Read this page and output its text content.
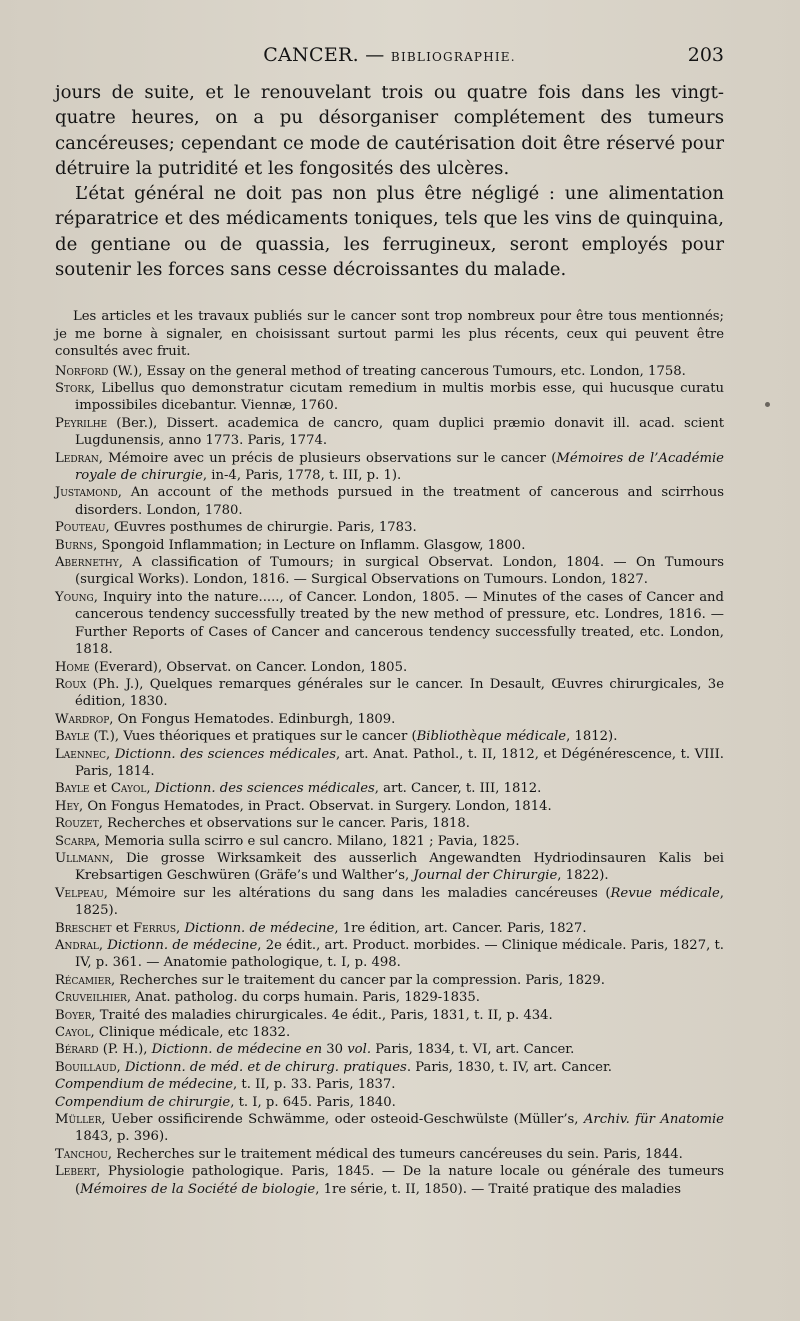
CANCER. — BIBLIOGRAPHIE.	203

jours de suite, et le renouvelant trois ou quatre fois dans les vingt-quatre heures, on a pu désorganiser complétement des tumeurs cancéreuses; cependant ce mode de cautérisation doit être réservé pour détruire la putridité et les fongosités des ulcères.

L’état général ne doit pas non plus être négligé : une alimentation réparatrice et des médicaments toniques, tels que les vins de quinquina, de gentiane ou de quassia, les ferrugineux, seront employés pour soutenir les forces sans cesse décroissantes du malade.

Les articles et les travaux publiés sur le cancer sont trop nombreux pour être tous mentionnés; je me borne à signaler, en choisissant surtout parmi les plus récents, ceux qui peuvent être consultés avec fruit.

Norford (W.), Essay on the general method of treating cancerous Tumours, etc. London, 1758.

Stork, Libellus quo demonstratur cicutam remedium in multis morbis esse, qui hucusque curatu impossibiles dicebantur. Viennæ, 1760.

Peyrilhe (Ber.), Dissert. academica de cancro, quam duplici præmio donavit ill. acad. scient Lugdunensis, anno 1773. Paris, 1774.

Ledran, Mémoire avec un précis de plusieurs observations sur le cancer (Mémoires de l’Académie royale de chirurgie, in-4, Paris, 1778, t. III, p. 1).

Justamond, An account of the methods pursued in the treatment of cancerous and scirrhous disorders. London, 1780.

Pouteau, Œuvres posthumes de chirurgie. Paris, 1783.

Burns, Spongoid Inflammation; in Lecture on Inflamm. Glasgow, 1800.

Abernethy, A classification of Tumours; in surgical Observat. London, 1804. — On Tumours (surgical Works). London, 1816. — Surgical Observations on Tumours. London, 1827.

Young, Inquiry into the nature....., of Cancer. London, 1805. — Minutes of the cases of Cancer and cancerous tendency successfully treated by the new method of pressure, etc. Londres, 1816. — Further Reports of Cases of Cancer and cancerous tendency successfully treated, etc. London, 1818.

Home (Everard), Observat. on Cancer. London, 1805.

Roux (Ph. J.), Quelques remarques générales sur le cancer. In Desault, Œuvres chirurgicales, 3e édition, 1830.

Wardrop, On Fongus Hematodes. Edinburgh, 1809.

Bayle (T.), Vues théoriques et pratiques sur le cancer (Bibliothèque médicale, 1812).

Laennec, Dictionn. des sciences médicales, art. Anat. Pathol., t. II, 1812, et Dégénérescence, t. VIII. Paris, 1814.

Bayle et Cayol, Dictionn. des sciences médicales, art. Cancer, t. III, 1812.

Hey, On Fongus Hematodes, in Pract. Observat. in Surgery. London, 1814.

Rouzet, Recherches et observations sur le cancer. Paris, 1818.

Scarpa, Memoria sulla scirro e sul cancro. Milano, 1821 ; Pavia, 1825.

Ullmann, Die grosse Wirksamkeit des ausserlich Angewandten Hydriodinsauren Kalis bei Krebsartigen Geschwüren (Gräfe’s und Walther’s, Journal der Chirurgie, 1822).

Velpeau, Mémoire sur les altérations du sang dans les maladies cancéreuses (Revue médicale, 1825).

Breschet et Ferrus, Dictionn. de médecine, 1re édition, art. Cancer. Paris, 1827.

Andral, Dictionn. de médecine, 2e édit., art. Product. morbides. — Clinique médicale. Paris, 1827, t. IV, p. 361. — Anatomie pathologique, t. I, p. 498.

Récamier, Recherches sur le traitement du cancer par la compression. Paris, 1829.

Cruveilhier, Anat. patholog. du corps humain. Paris, 1829-1835.

Boyer, Traité des maladies chirurgicales. 4e édit., Paris, 1831, t. II, p. 434.

Cayol, Clinique médicale, etc 1832.

Bérard (P. H.), Dictionn. de médecine en 30 vol. Paris, 1834, t. VI, art. Cancer.

Bouillaud, Dictionn. de méd. et de chirurg. pratiques. Paris, 1830, t. IV, art. Cancer.

Compendium de médecine, t. II, p. 33. Paris, 1837.

Compendium de chirurgie, t. I, p. 645. Paris, 1840.

Müller, Ueber ossificirende Schwämme, oder osteoid-Geschwülste (Müller’s, Archiv. für Anatomie 1843, p. 396).

Tanchou, Recherches sur le traitement médical des tumeurs cancéreuses du sein. Paris, 1844.

Lebert, Physiologie pathologique. Paris, 1845. — De la nature locale ou générale des tumeurs (Mémoires de la Société de biologie, 1re série, t. II, 1850). — Traité pratique des maladies
